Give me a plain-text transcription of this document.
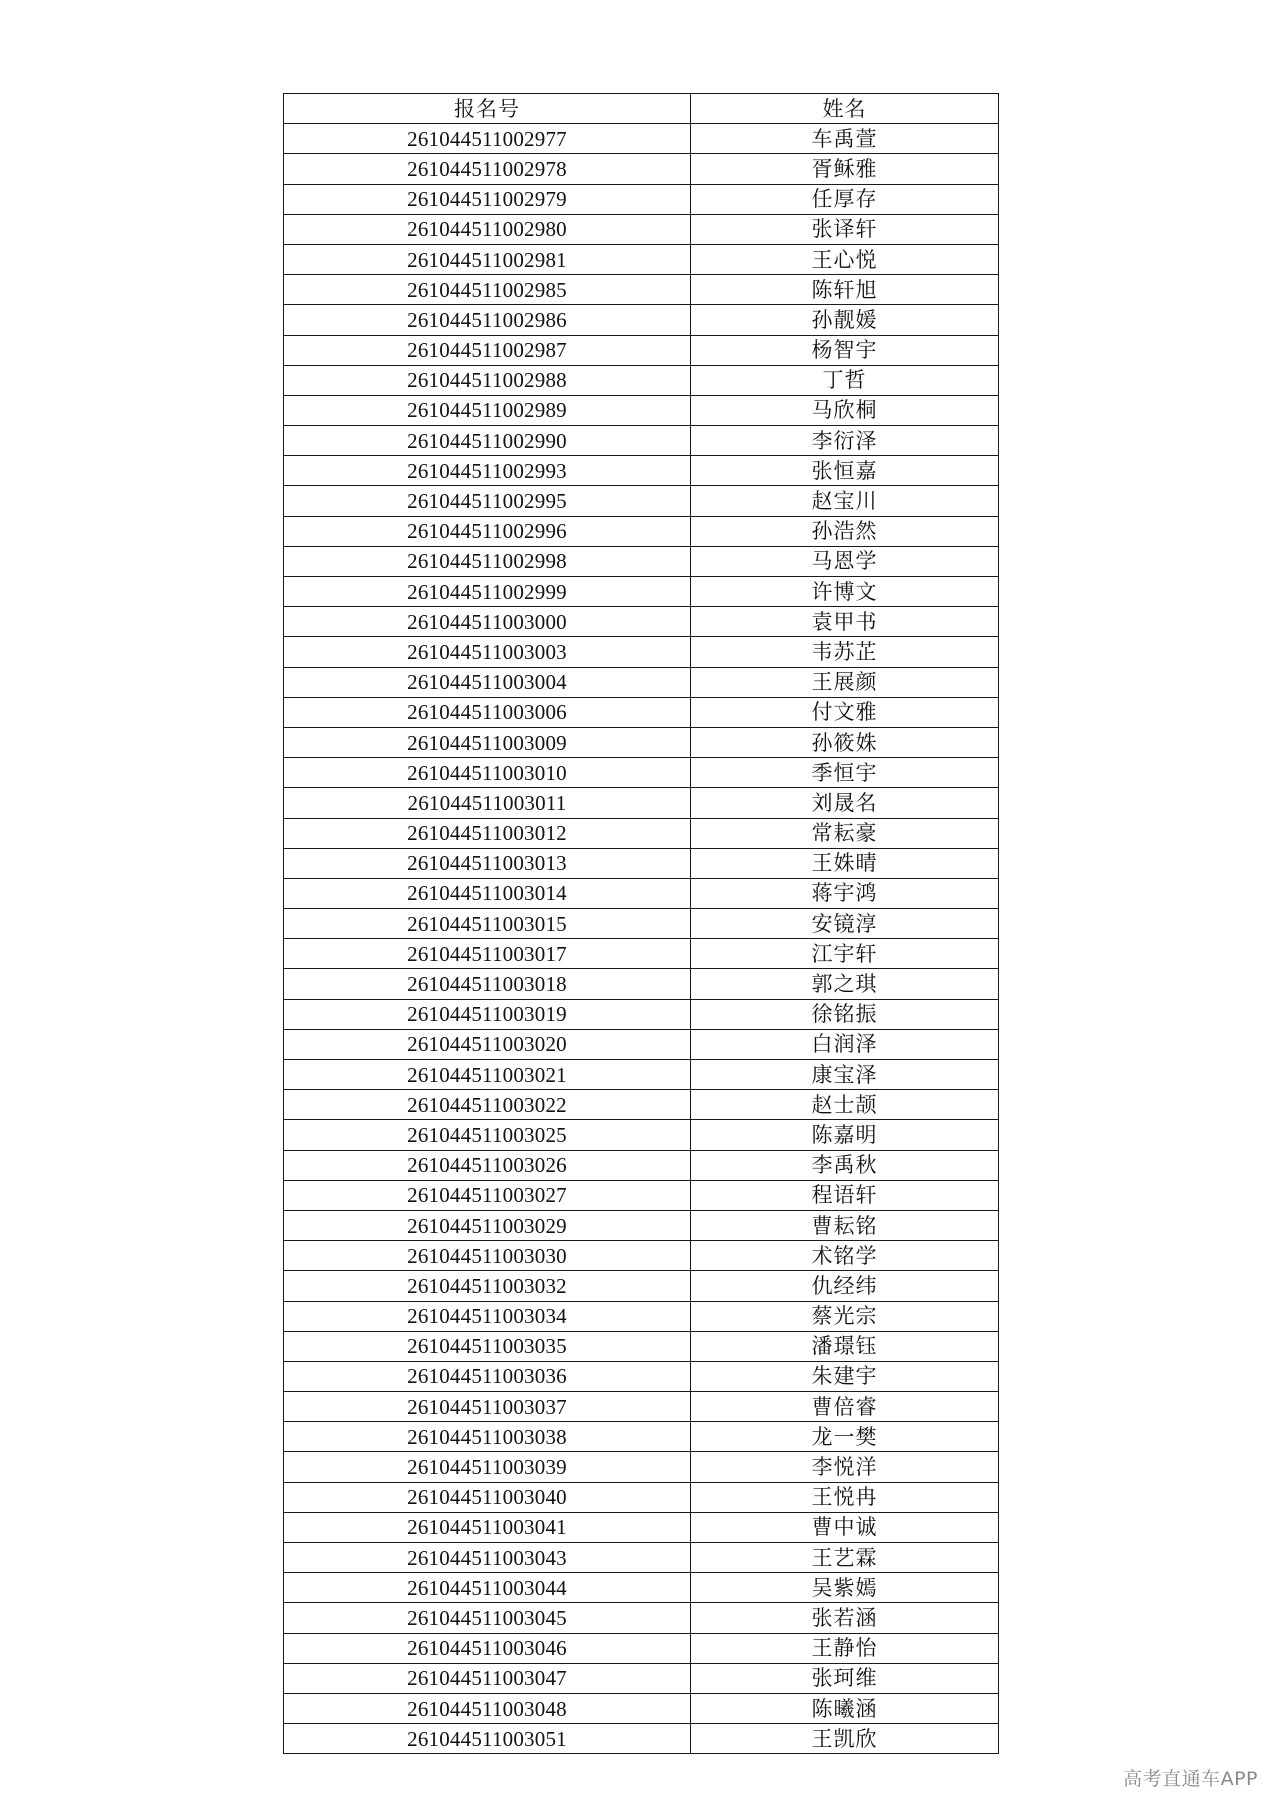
报名号	姓名
261044511002977	车禹萱
261044511002978	胥稣雅
261044511002979	任厚存
261044511002980	张译轩
261044511002981	王心悦
261044511002985	陈轩旭
261044511002986	孙靓媛
261044511002987	杨智宇
261044511002988	丁哲
261044511002989	马欣桐
261044511002990	李衍泽
261044511002993	张恒嘉
261044511002995	赵宝川
261044511002996	孙浩然
261044511002998	马恩学
261044511002999	许博文
261044511003000	袁甲书
261044511003003	韦苏芷
261044511003004	王展颜
261044511003006	付文雅
261044511003009	孙筱姝
261044511003010	季恒宇
261044511003011	刘晟名
261044511003012	常耘豪
261044511003013	王姝晴
261044511003014	蒋宇鸿
261044511003015	安镜淳
261044511003017	江宇轩
261044511003018	郭之琪
261044511003019	徐铭振
261044511003020	白润泽
261044511003021	康宝泽
261044511003022	赵士颉
261044511003025	陈嘉明
261044511003026	李禹秋
261044511003027	程语轩
261044511003029	曹耘铭
261044511003030	术铭学
261044511003032	仇经纬
261044511003034	蔡光宗
261044511003035	潘璟钰
261044511003036	朱建宇
261044511003037	曹倍睿
261044511003038	龙一樊
261044511003039	李悦洋
261044511003040	王悦冉
261044511003041	曹中诚
261044511003043	王艺霖
261044511003044	吴紫嫣
261044511003045	张若涵
261044511003046	王静怡
261044511003047	张珂维
261044511003048	陈曦涵
261044511003051	王凯欣
高考直通车APP
